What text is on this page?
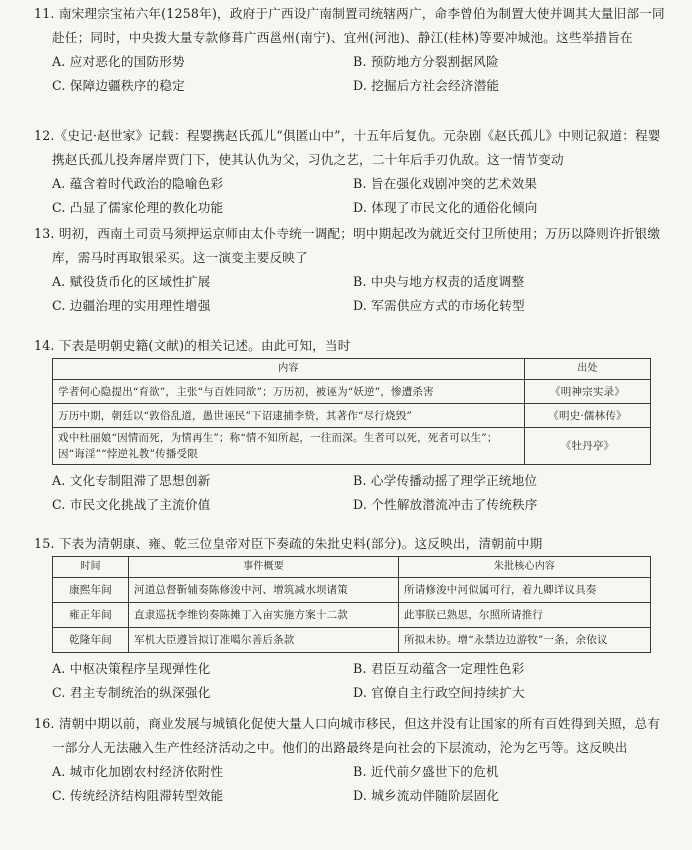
11. 南宋理宗宝祐六年(1258年)，政府于广西设广南制置司统辖两广，命李曾伯为制置大使并调其大量旧部一同赴任；同时，中央拨大量专款修葺广西邕州(南宁)、宜州(河池)、静江(桂林)等要冲城池。这些举措旨在

A. 应对恶化的国防形势	B. 预防地方分裂割据风险
C. 保障边疆秩序的稳定	D. 挖掘后方社会经济潜能

12.《史记·赵世家》记载：程婴携赵氏孤儿“俱匿山中”，十五年后复仇。元杂剧《赵氏孤儿》中则记叙道：程婴携赵氏孤儿投奔屠岸贾门下，使其认仇为父，习仇之艺，二十年后手刃仇敌。这一情节变动

A. 蕴含着时代政治的隐喻色彩	B. 旨在强化戏剧冲突的艺术效果
C. 凸显了儒家伦理的教化功能	D. 体现了市民文化的通俗化倾向

13. 明初，西南土司贡马须押运京师由太仆寺统一调配；明中期起改为就近交付卫所使用；万历以降则许折银缴库，需马时再取银采买。这一演变主要反映了

A. 赋役货币化的区域性扩展	B. 中央与地方权责的适度调整
C. 边疆治理的实用理性增强	D. 军需供应方式的市场化转型

14. 下表是明朝史籍(文献)的相关记述。由此可知，当时

内容	出处
学者何心隐提出“育欲”，主张“与百姓同欲”；万历初，被诬为“妖逆”，惨遭杀害	《明神宗实录》
万历中期，朝廷以“敦俗乱道，愚世诬民”下诏逮捕李贽，其著作“尽行烧毁”	《明史·儒林传》
戏中杜丽娘“因情而死，为情再生”；称“情不知所起，一往而深。生者可以死，死者可以生”；因“诲淫”“悖逆礼教”传播受限	《牡丹亭》
A. 文化专制阻滞了思想创新	B. 心学传播动摇了理学正统地位
C. 市民文化挑战了主流价值	D. 个性解放潜流冲击了传统秩序

15. 下表为清朝康、雍、乾三位皇帝对臣下奏疏的朱批史料(部分)。这反映出，清朝前中期

时间	事件概要	朱批核心内容
康熙年间	河道总督靳辅奏陈修浚中河、增筑减水坝诸策	所请修浚中河似属可行，着九卿详议具奏
雍正年间	直隶巡抚李维钧奏陈摊丁入亩实施方案十二款	此事朕已熟思，尔照所请推行
乾隆年间	军机大臣遵旨拟订准噶尔善后条款	所拟未协。增“永禁边边游牧”一条，余依议
A. 中枢决策程序呈现弹性化	B. 君臣互动蕴含一定理性色彩
C. 君主专制统治的纵深强化	D. 官僚自主行政空间持续扩大

16. 清朝中期以前，商业发展与城镇化促使大量人口向城市移民，但这并没有让国家的所有百姓得到关照，总有一部分人无法融入生产性经济活动之中。他们的出路最终是向社会的下层流动，沦为乞丐等。这反映出

A. 城市化加剧农村经济依附性	B. 近代前夕盛世下的危机
C. 传统经济结构阻滞转型效能	D. 城乡流动伴随阶层固化
